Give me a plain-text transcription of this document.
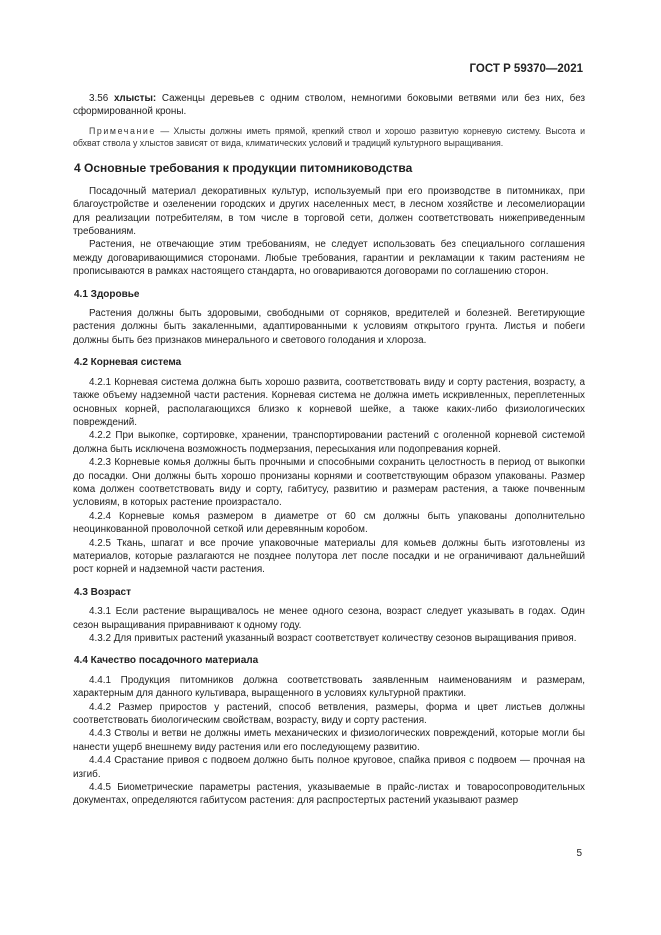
ГОСТ Р 59370—2021

3.56 хлысты: Саженцы деревьев с одним стволом, немногими боковыми ветвями или без них, без сформированной кроны.

Примечание — Хлысты должны иметь прямой, крепкий ствол и хорошо развитую корневую систему. Высота и обхват ствола у хлыстов зависят от вида, климатических условий и традиций культурного выращивания.

4 Основные требования к продукции питомниководства

Посадочный материал декоративных культур, используемый при его производстве в питомниках, при благоустройстве и озеленении городских и других населенных мест, в лесном хозяйстве и лесомелиорации для реализации потребителям, в том числе в торговой сети, должен соответствовать нижеприведенным требованиям.

Растения, не отвечающие этим требованиям, не следует использовать без специального соглашения между договаривающимися сторонами. Любые требования, гарантии и рекламации к таким растениям не прописываются в рамках настоящего стандарта, но оговариваются договорами по соглашению сторон.

4.1 Здоровье

Растения должны быть здоровыми, свободными от сорняков, вредителей и болезней. Вегетирующие растения должны быть закаленными, адаптированными к условиям открытого грунта. Листья и побеги должны быть без признаков минерального и светового голодания и хлороза.

4.2 Корневая система

4.2.1 Корневая система должна быть хорошо развита, соответствовать виду и сорту растения, возрасту, а также объему надземной части растения. Корневая система не должна иметь искривленных, переплетенных основных корней, располагающихся близко к корневой шейке, а также каких-либо физиологических повреждений.

4.2.2 При выкопке, сортировке, хранении, транспортировании растений с оголенной корневой системой должна быть исключена возможность подмерзания, пересыхания или подопревания корней.

4.2.3 Корневые комья должны быть прочными и способными сохранить целостность в период от выкопки до посадки. Они должны быть хорошо пронизаны корнями и соответствующим образом упакованы. Размер кома должен соответствовать виду и сорту, габитусу, развитию и размерам растения, а также почвенным условиям, в которых растение произрастало.

4.2.4 Корневые комья размером в диаметре от 60 см должны быть упакованы дополнительно неоцинкованной проволочной сеткой или деревянным коробом.

4.2.5 Ткань, шпагат и все прочие упаковочные материалы для комьев должны быть изготовлены из материалов, которые разлагаются не позднее полутора лет после посадки и не ограничивают дальнейший рост корней и надземной части растения.

4.3 Возраст

4.3.1 Если растение выращивалось не менее одного сезона, возраст следует указывать в годах. Один сезон выращивания приравнивают к одному году.

4.3.2 Для привитых растений указанный возраст соответствует количеству сезонов выращивания привоя.

4.4 Качество посадочного материала

4.4.1 Продукция питомников должна соответствовать заявленным наименованиям и размерам, характерным для данного культивара, выращенного в условиях культурной практики.

4.4.2 Размер приростов у растений, способ ветвления, размеры, форма и цвет листьев должны соответствовать биологическим свойствам, возрасту, виду и сорту растения.

4.4.3 Стволы и ветви не должны иметь механических и физиологических повреждений, которые могли бы нанести ущерб внешнему виду растения или его последующему развитию.

4.4.4 Срастание привоя с подвоем должно быть полное круговое, спайка привоя с подвоем — прочная на изгиб.

4.4.5 Биометрические параметры растения, указываемые в прайс-листах и товаросопроводительных документах, определяются габитусом растения: для распростертых растений указывают размер

5
